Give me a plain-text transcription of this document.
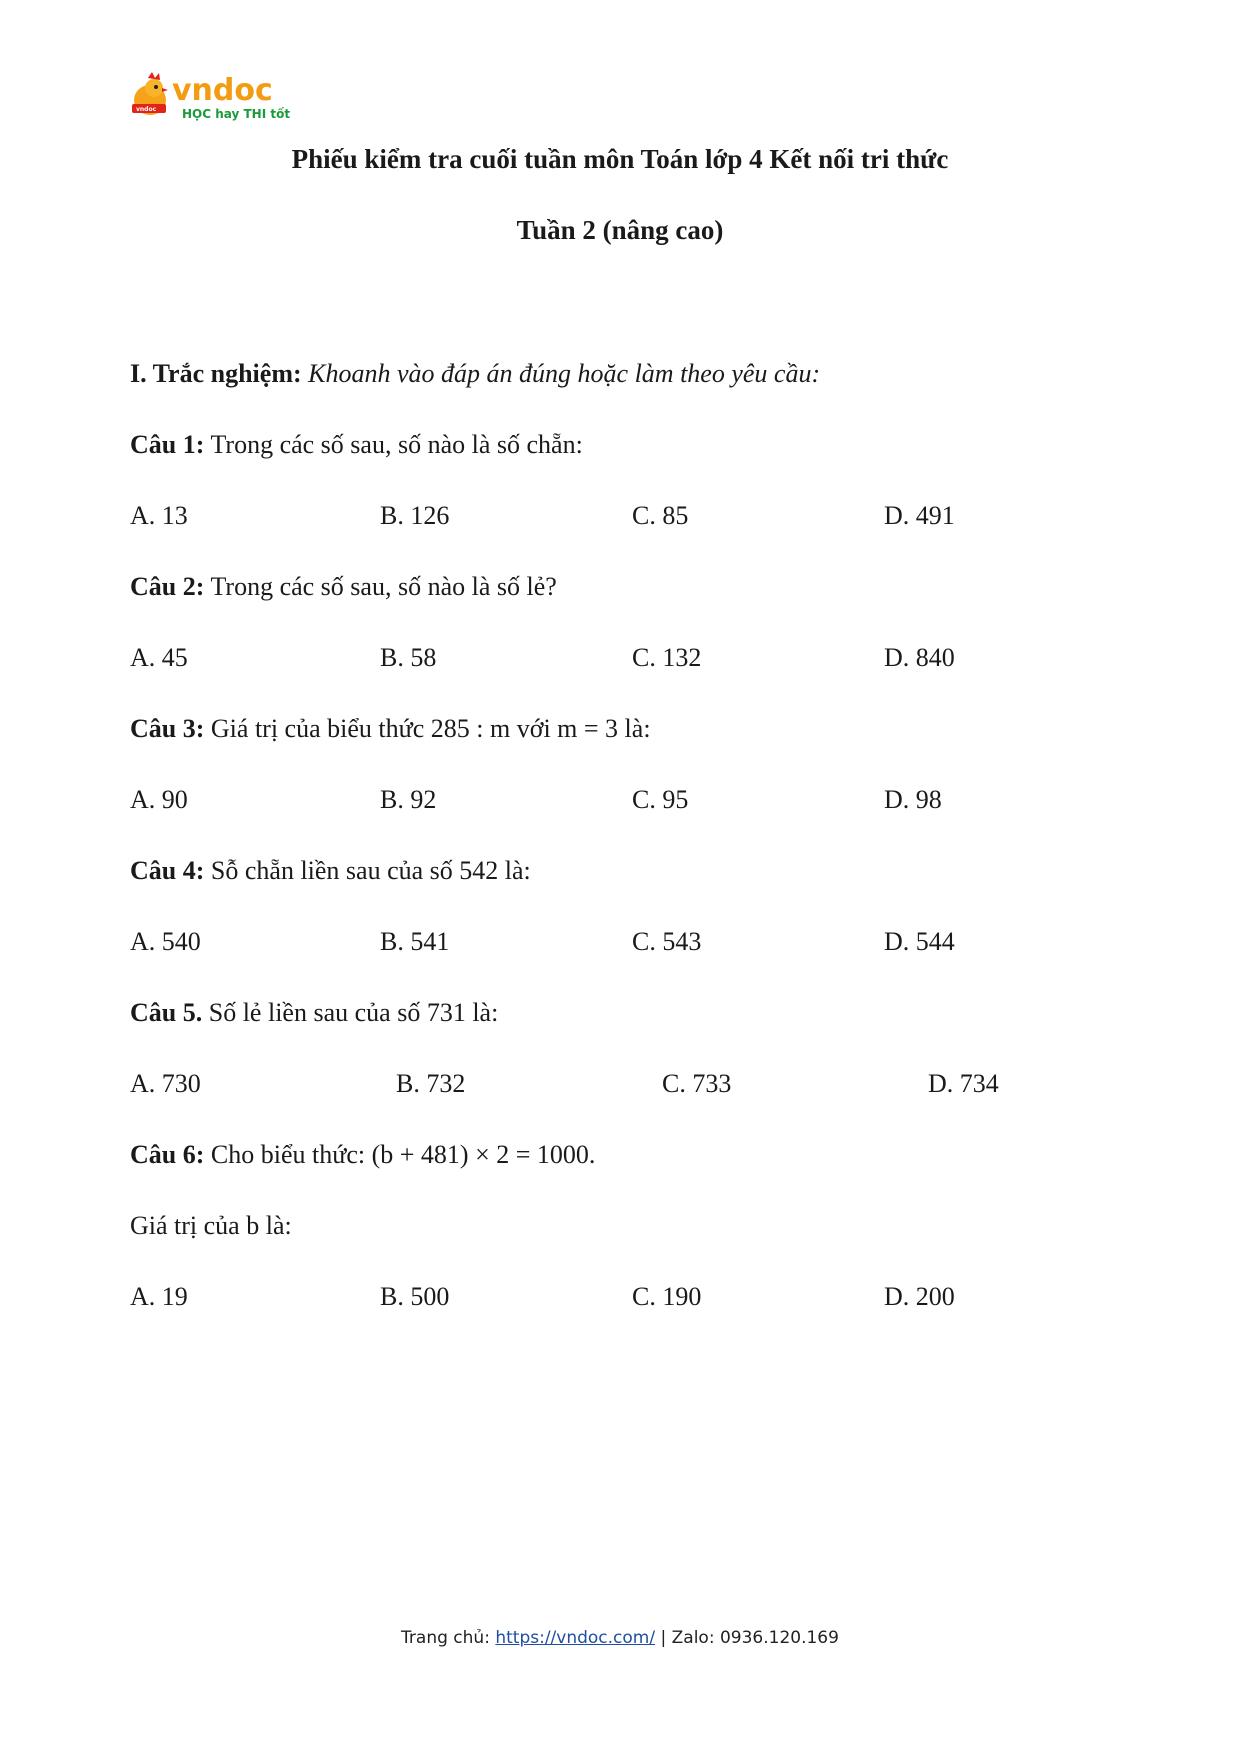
vndoc
vndoc
HỌC hay THI tốt
Phiếu kiểm tra cuối tuần môn Toán lớp 4 Kết nối tri thức
Tuần 2 (nâng cao)
I. Trắc nghiệm: Khoanh vào đáp án đúng hoặc làm theo yêu cầu:
Câu 1: Trong các số sau, số nào là số chẵn:
A. 13	B. 126	C. 85	D. 491
Câu 2: Trong các số sau, số nào là số lẻ?
A. 45	B. 58	C. 132	D. 840
Câu 3: Giá trị của biểu thức 285 : m với m = 3 là:
A. 90	B. 92	C. 95	D. 98
Câu 4: Sỗ chẵn liền sau của số 542 là:
A. 540	B. 541	C. 543	D. 544
Câu 5. Số lẻ liền sau của số 731 là:
A. 730	B. 732	C. 733	D. 734
Câu 6: Cho biểu thức: (b + 481) × 2 = 1000.
Giá trị của b là:
A. 19	B. 500	C. 190	D. 200
Trang chủ: https://vndoc.com/ | Zalo: 0936.120.169
